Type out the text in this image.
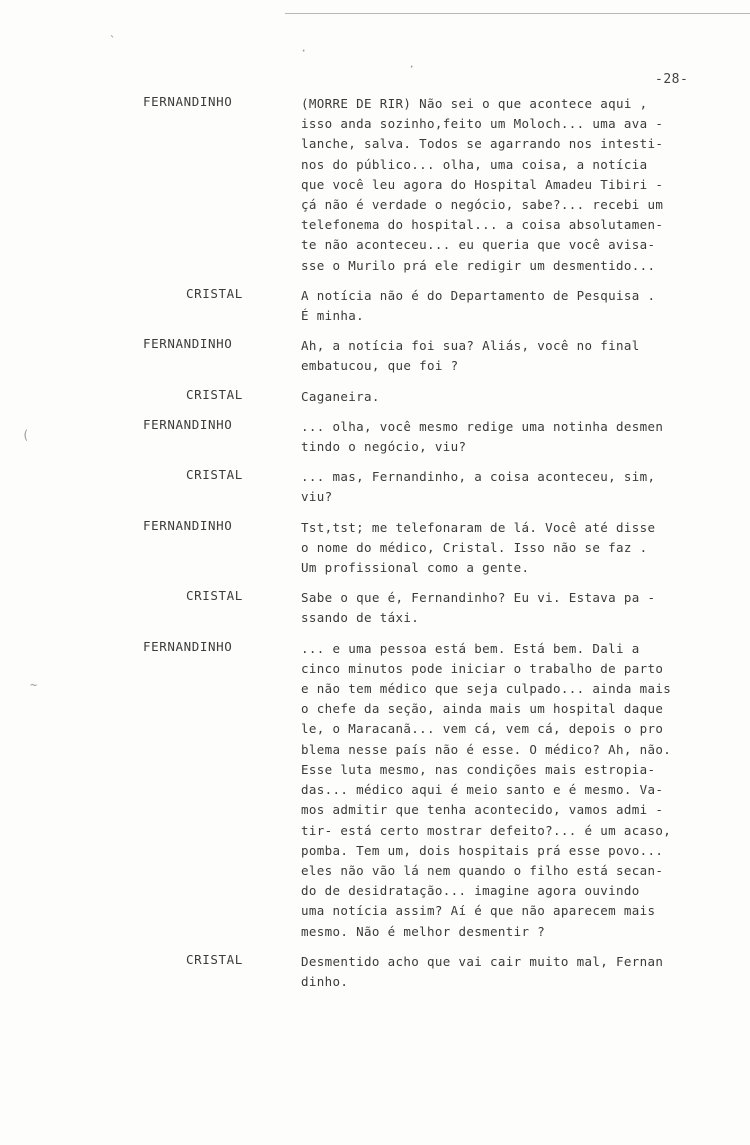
`
·
·
(
~
-28-
FERNANDINHO	(MORRE DE RIR) Não sei o que acontece aqui ,
isso anda sozinho,feito um Moloch... uma ava -
lanche, salva. Todos se agarrando nos intesti-
nos do público... olha, uma coisa, a notícia
que você leu agora do Hospital Amadeu Tibiri -
çá não é verdade o negócio, sabe?... recebi um
telefonema do hospital... a coisa absolutamen-
te não aconteceu... eu queria que você avisa-
sse o Murilo prá ele redigir um desmentido...
CRISTAL	A notícia não é do Departamento de Pesquisa .
É minha.
FERNANDINHO	Ah, a notícia foi sua? Aliás, você no final
embatucou, que foi ?
CRISTAL	Caganeira.
FERNANDINHO	... olha, você mesmo redige uma notinha desmen
tindo o negócio, viu?
CRISTAL	... mas, Fernandinho, a coisa aconteceu, sim,
viu?
FERNANDINHO	Tst,tst; me telefonaram de lá. Você até disse
o nome do médico, Cristal. Isso não se faz .
Um profissional como a gente.
CRISTAL	Sabe o que é, Fernandinho? Eu vi. Estava pa -
ssando de táxi.
FERNANDINHO	... e uma pessoa está bem. Está bem. Dali a
cinco minutos pode iniciar o trabalho de parto
e não tem médico que seja culpado... ainda mais
o chefe da seção, ainda mais um hospital daque
le, o Maracanã... vem cá, vem cá, depois o pro
blema nesse país não é esse. O médico? Ah, não.
Esse luta mesmo, nas condições mais estropia-
das... médico aqui é meio santo e é mesmo. Va-
mos admitir que tenha acontecido, vamos admi -
tir- está certo mostrar defeito?... é um acaso,
pomba. Tem um, dois hospitais prá esse povo...
eles não vão lá nem quando o filho está secan-
do de desidratação... imagine agora ouvindo
uma notícia assim? Aí é que não aparecem mais
mesmo. Não é melhor desmentir ?
CRISTAL	Desmentido acho que vai cair muito mal, Fernan
dinho.
